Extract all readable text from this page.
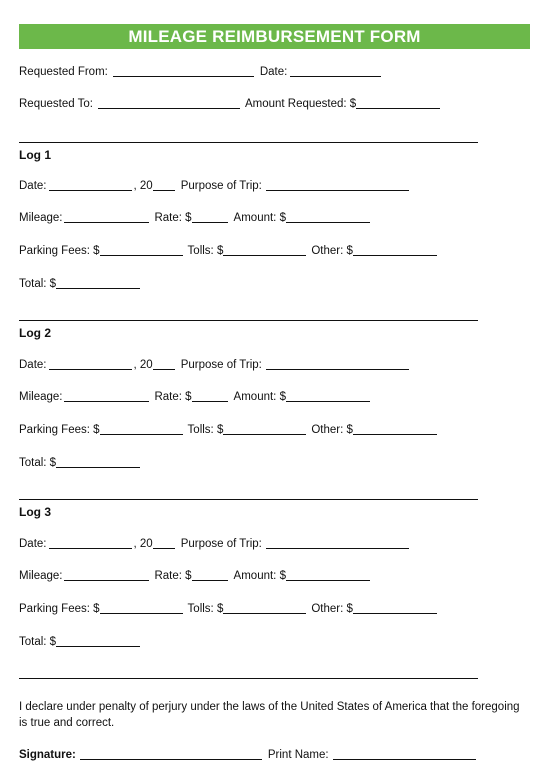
MILEAGE REIMBURSEMENT FORM
Requested From:	Date:
Requested To:	Amount Requested: $
Log 1
Date:	, 20 Purpose of Trip:
Mileage:	Rate: $	Amount: $
Parking Fees: $	Tolls: $	Other: $
Total: $
Log 2
Date:	, 20 Purpose of Trip:
Mileage:	Rate: $	Amount: $
Parking Fees: $	Tolls: $	Other: $
Total: $
Log 3
Date:	, 20 Purpose of Trip:
Mileage:	Rate: $	Amount: $
Parking Fees: $	Tolls: $	Other: $
Total: $
I declare under penalty of perjury under the laws of the United States of America that the foregoing is true and correct.
Signature:	Print Name:
